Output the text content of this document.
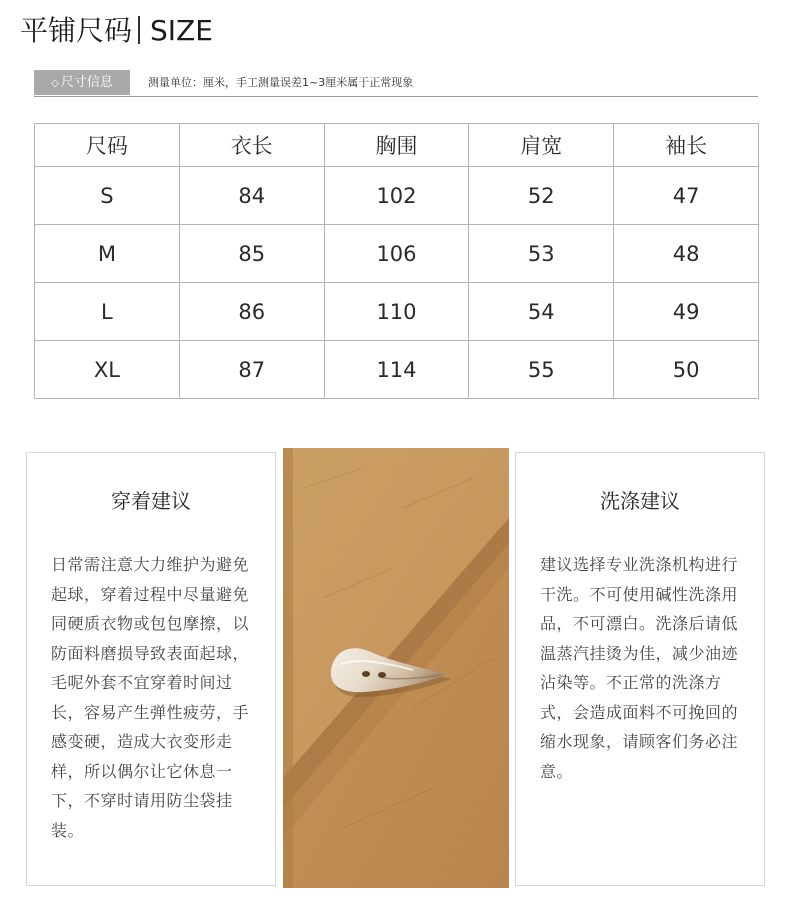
平铺尺码 SIZE
◇ 尺寸信息	测量单位：厘米，手工测量误差1~3厘米属于正常现象
尺码	衣长	胸围	肩宽	袖长
S	84	102	52	47
M	85	106	53	48
L	86	110	54	49
XL	87	114	55	50
穿着建议
日常需注意大力维护为避免起球，穿着过程中尽量避免同硬质衣物或包包摩擦，以防面料磨损导致表面起球，毛呢外套不宜穿着时间过长，容易产生弹性疲劳，手感变硬，造成大衣变形走样，所以偶尔让它休息一下，不穿时请用防尘袋挂装。
洗涤建议
建议选择专业洗涤机构进行干洗。不可使用碱性洗涤用品，不可漂白。洗涤后请低温蒸汽挂烫为佳，减少油迹沾染等。不正常的洗涤方式，会造成面料不可挽回的缩水现象，请顾客们务必注意。
